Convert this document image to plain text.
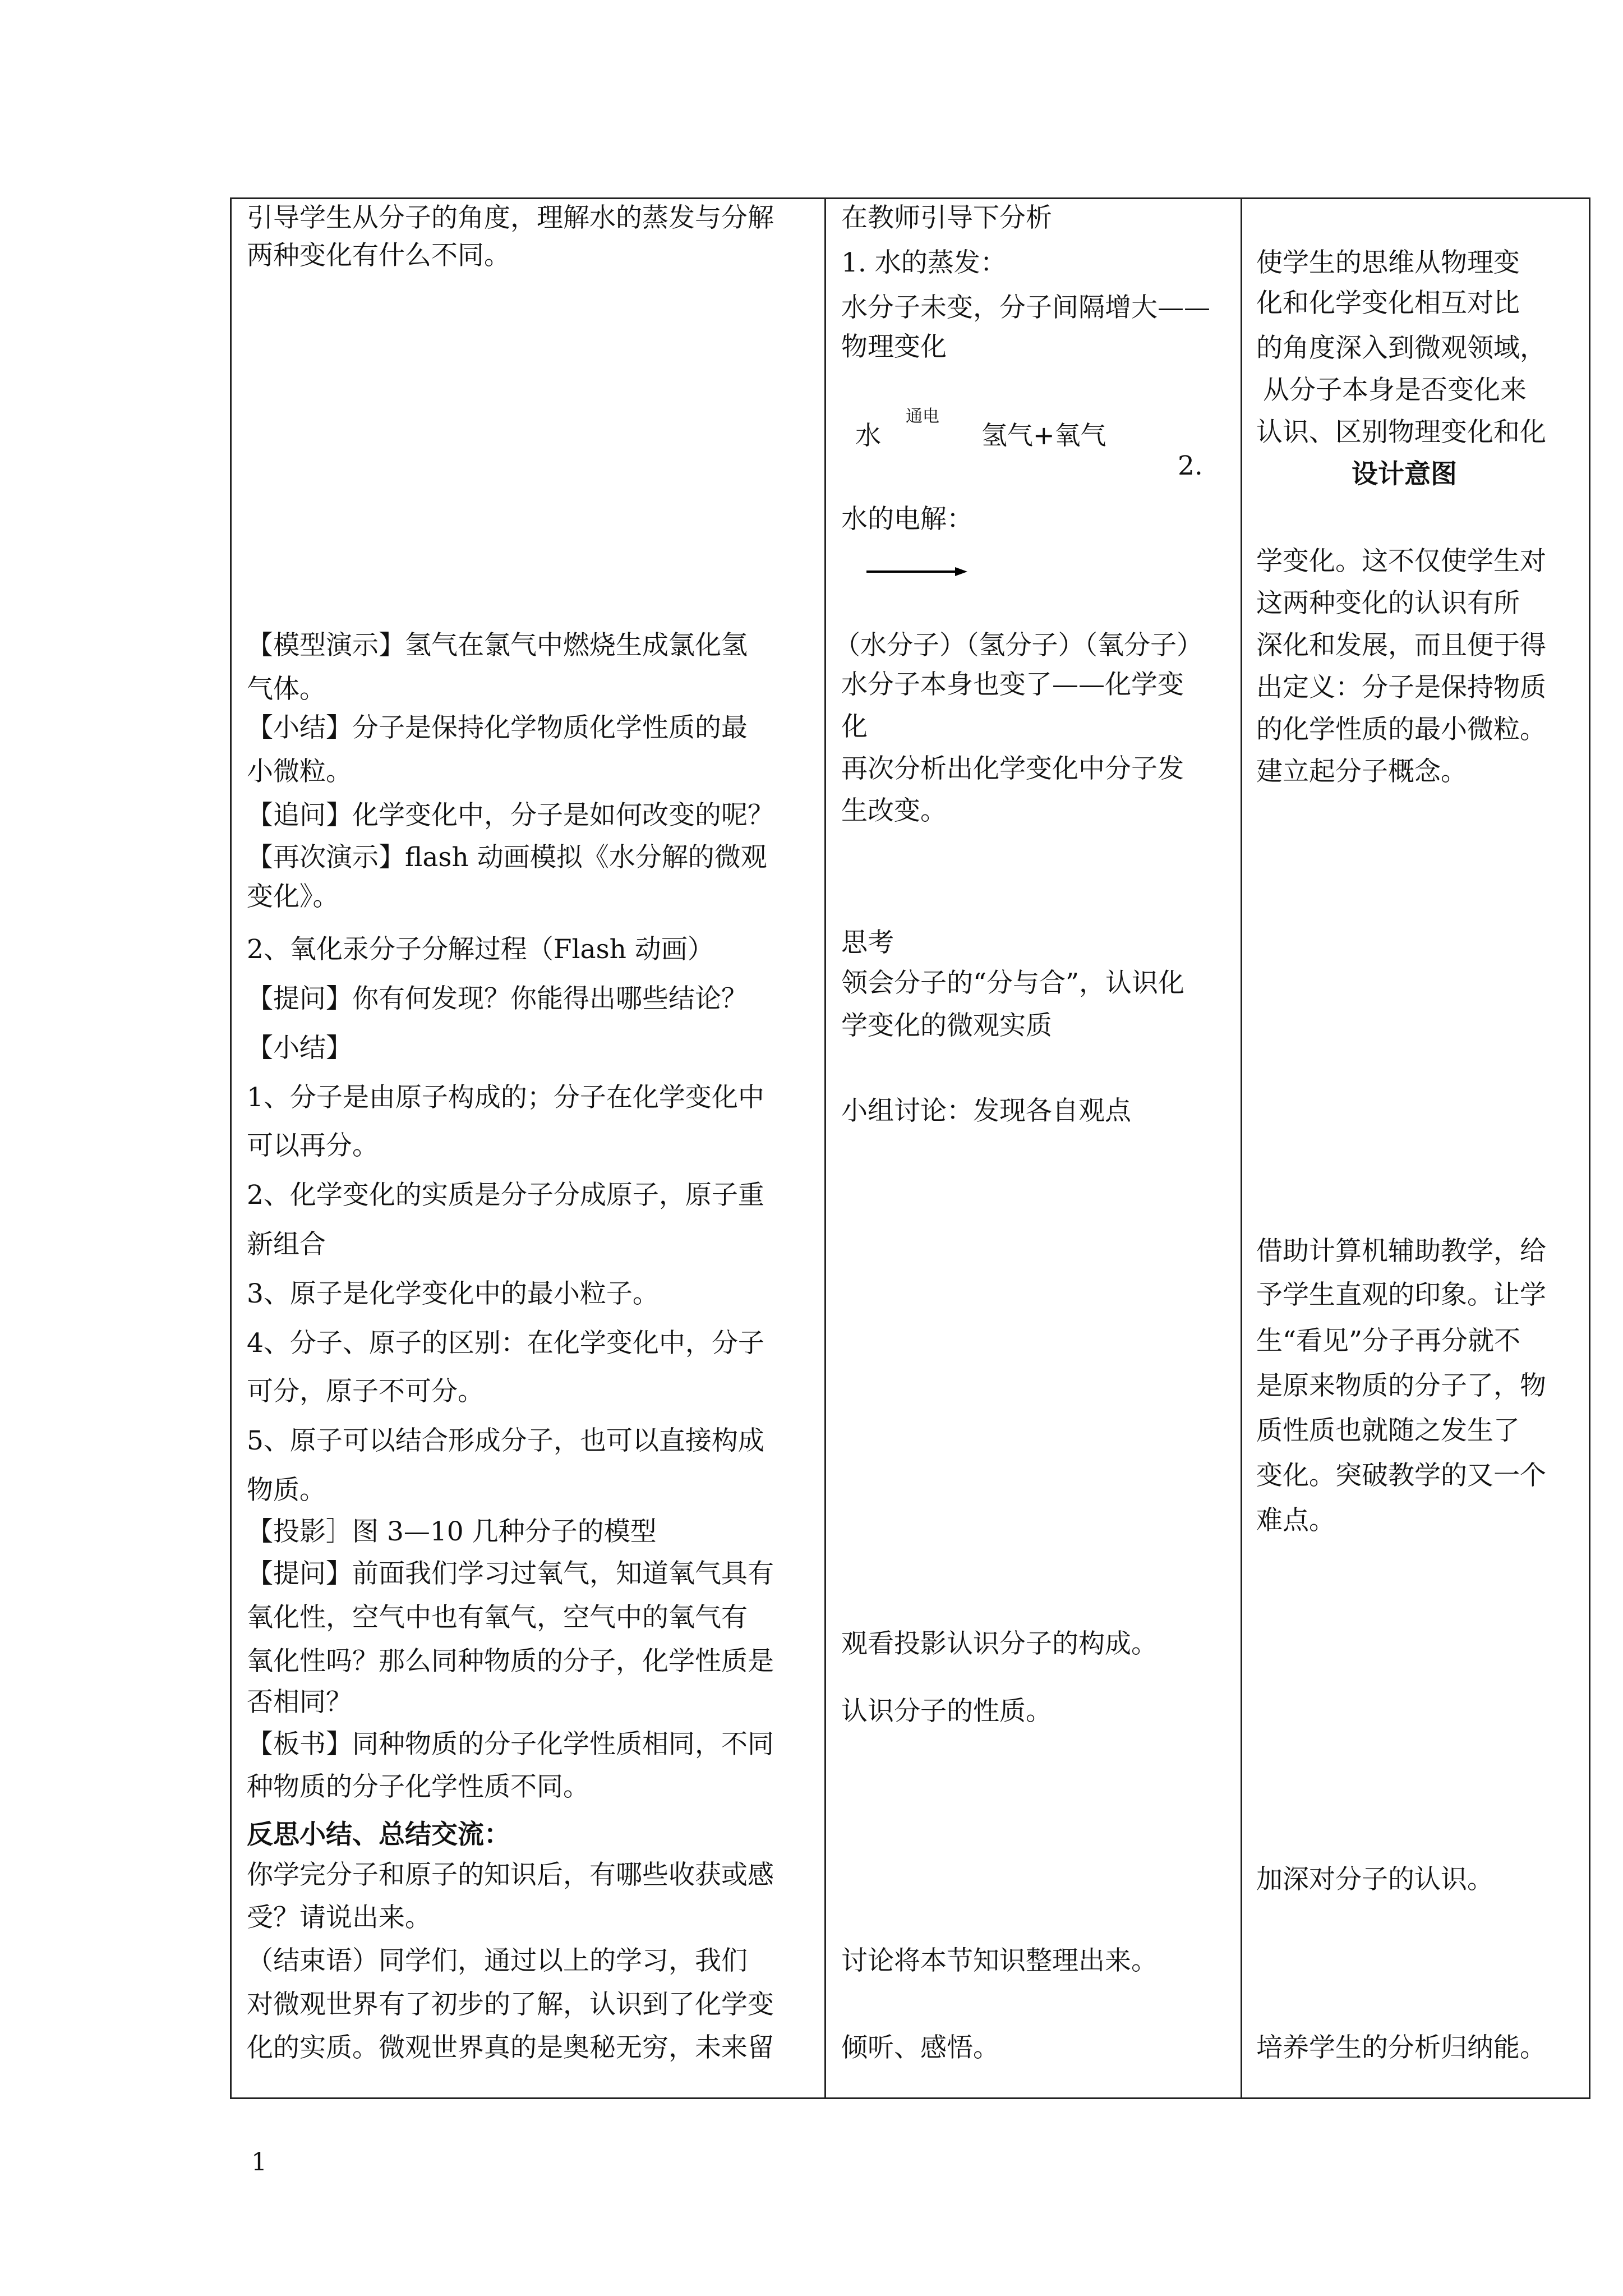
引导学生从分子的角度，理解水的蒸发与分解
两种变化有什么不同。
【模型演示】氢气在氯气中燃烧生成氯化氢
气体。
【小结】分子是保持化学物质化学性质的最
小微粒。
【追问】化学变化中，分子是如何改变的呢？
【再次演示】flash 动画模拟《水分解的微观
变化》。
2、氧化汞分子分解过程（Flash 动画）
【提问】你有何发现？你能得出哪些结论？
【小结】
1、分子是由原子构成的；分子在化学变化中
可以再分。
2、化学变化的实质是分子分成原子，原子重
新组合
3、原子是化学变化中的最小粒子。
4、分子、原子的区别：在化学变化中，分子
可分，原子不可分。
5、原子可以结合形成分子，也可以直接构成
物质。
【投影］图 3—10 几种分子的模型
【提问】前面我们学习过氧气，知道氧气具有
氧化性，空气中也有氧气，空气中的氧气有
氧化性吗？那么同种物质的分子，化学性质是
否相同？
【板书】同种物质的分子化学性质相同，不同
种物质的分子化学性质不同。
反思小结、总结交流：
你学完分子和原子的知识后，有哪些收获或感
受？请说出来。
（结束语）同学们，通过以上的学习，我们
对微观世界有了初步的了解，认识到了化学变
化的实质。微观世界真的是奥秘无穷，未来留
在教师引导下分析
1. 水的蒸发：
水分子未变，分子间隔增大——
物理变化
水
通电
氢气+氧气
2.
水的电解：
（水分子）（氢分子）（氧分子）
水分子本身也变了——化学变
化
再次分析出化学变化中分子发
生改变。
思考
领会分子的“分与合”，认识化
学变化的微观实质
小组讨论：发现各自观点
观看投影认识分子的构成。
认识分子的性质。
讨论将本节知识整理出来。
倾听、感悟。
使学生的思维从物理变
化和化学变化相互对比
的角度深入到微观领域，
从分子本身是否变化来
认识、区别物理变化和化
设计意图
学变化。这不仅使学生对
这两种变化的认识有所
深化和发展，而且便于得
出定义：分子是保持物质
的化学性质的最小微粒。
建立起分子概念。
借助计算机辅助教学，给
予学生直观的印象。让学
生“看见”分子再分就不
是原来物质的分子了，物
质性质也就随之发生了
变化。突破教学的又一个
难点。
加深对分子的认识。
培养学生的分析归纳能。
1
